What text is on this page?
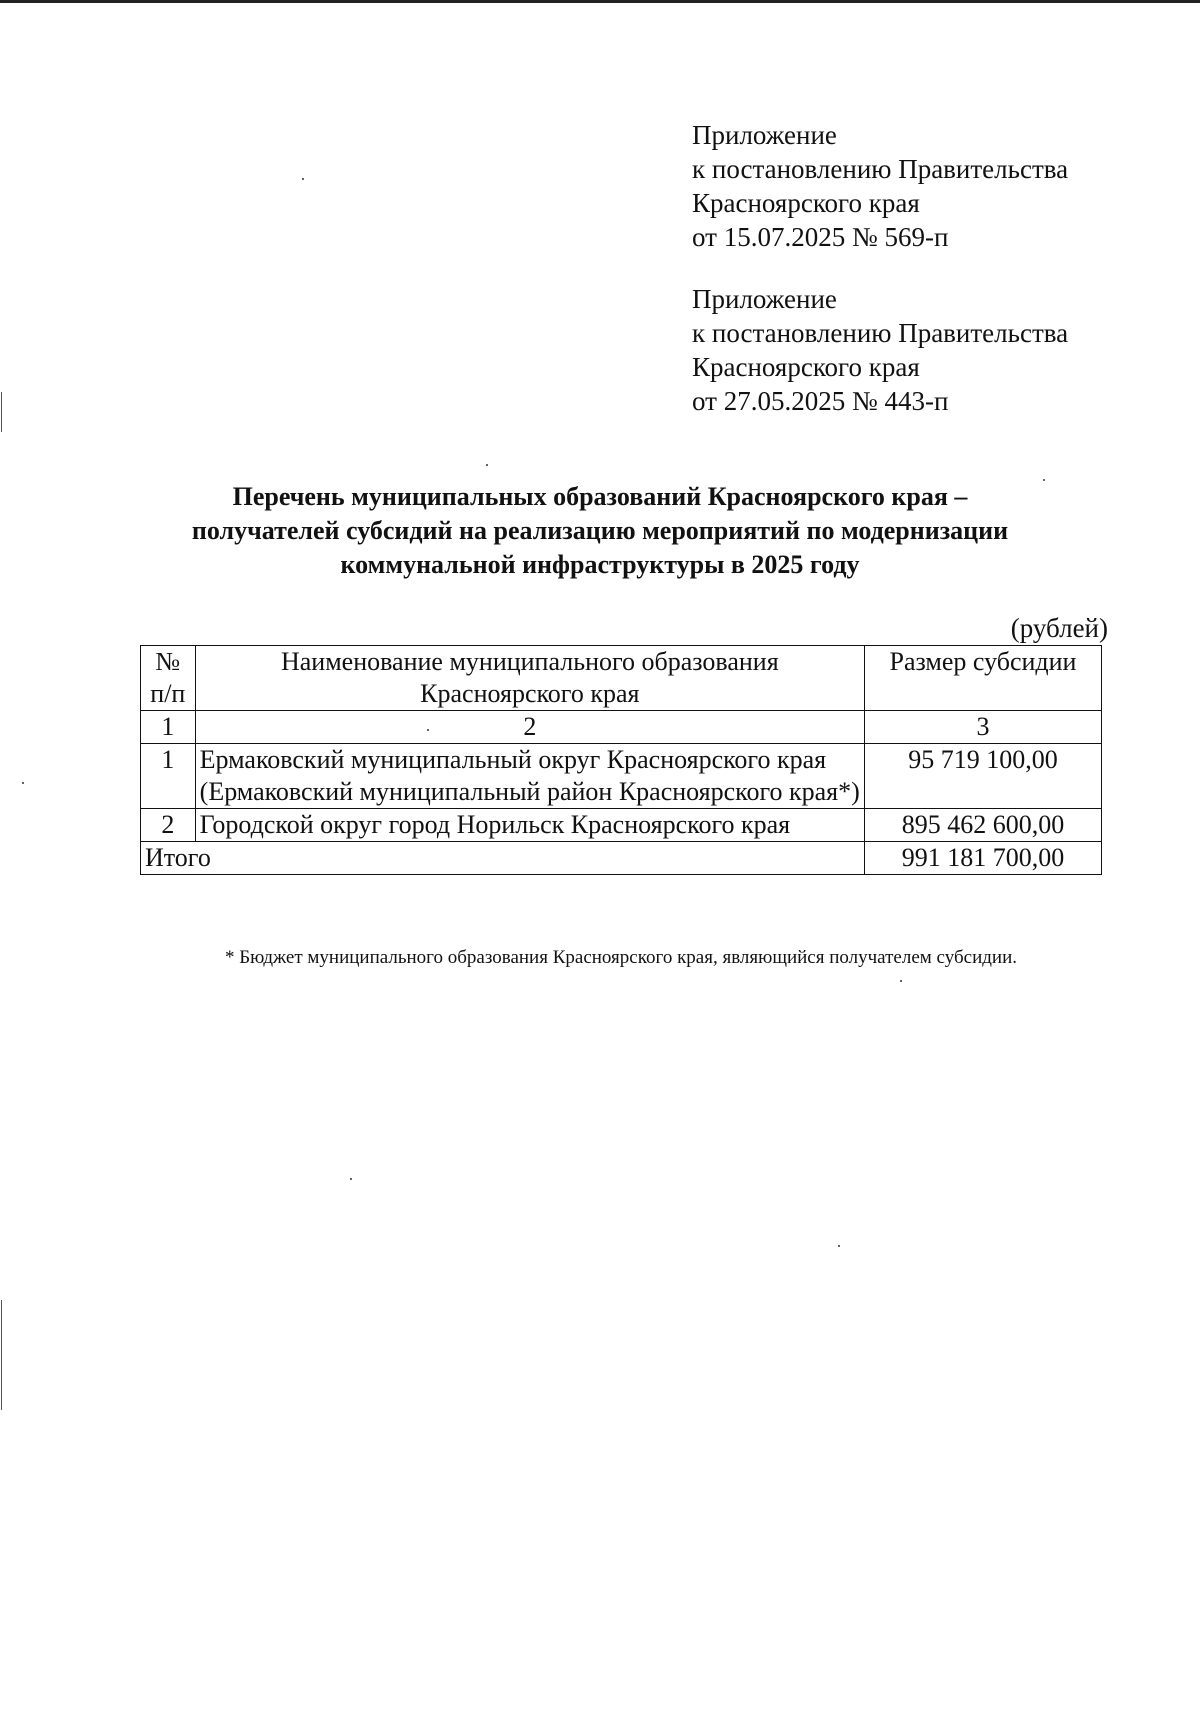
Приложение
к постановлению Правительства
Красноярского края
от 15.07.2025 № 569-п
Приложение
к постановлению Правительства
Красноярского края
от 27.05.2025 № 443-п
Перечень муниципальных образований Красноярского края –
получателей субсидий на реализацию мероприятий по модернизации
коммунальной инфраструктуры в 2025 году
(рублей)
№ п/п	Наименование муниципального образования Красноярского края	Размер субсидии
1	2	3
1	Ермаковский муниципальный округ Красноярского края (Ермаковский муниципальный район Красноярского края*)	95 719 100,00
2	Городской округ город Норильск Красноярского края	895 462 600,00
Итого		991 181 700,00
* Бюджет муниципального образования Красноярского края, являющийся получателем субсидии.
